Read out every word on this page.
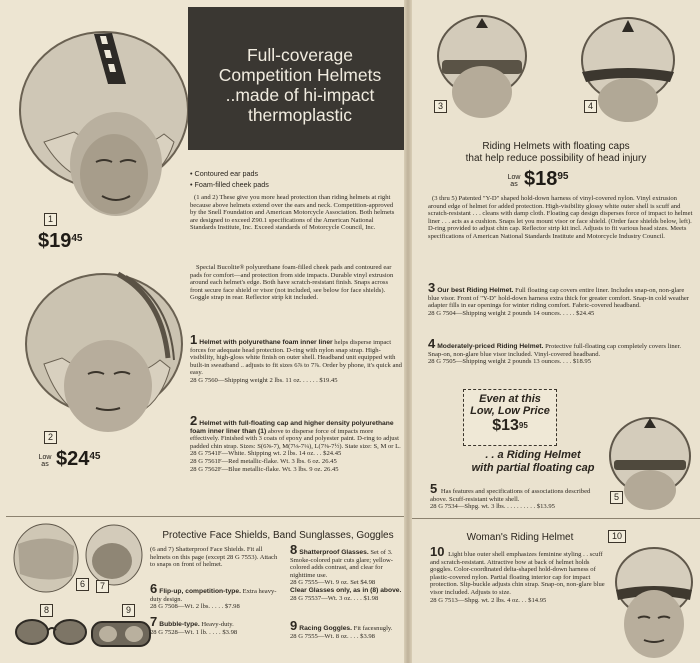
1
$\$19^{45}$
Full-coverage
Competition Helmets
..made of hi-impact
thermoplastic
• Contoured ear pads
• Foam-filled cheek pads
(1 and 2) These give you more head protection than riding helmets at right because above helmets extend over the ears and neck. Competition-approved by the Snell Foundation and American Motorcycle Association. Both helmets are designed to exceed Z90.1 specifications of the American National Standards Institute, Inc. Exceed standards of Motorcycle Council, Inc.
Special Bucolite® polyurethane foam-filled cheek pads and contoured ear pads for comfort—and protection from side impacts. Durable vinyl extrusion around each helmet's edge. Both have scratch-resistant finish. Snaps across front secure face shield or visor (not included, see below for face shields). Goggle strap in rear. Reflector strip kit included.
2
Low as $\$24^{45}$
1 Helmet with polyurethane foam inner liner helps disperse impact forces for adequate head protection. D-ring with nylon snap strap. High-visibility, high-gloss white finish on outer shell. Headband unit equipped with built-in sweatband .. adjusts to fit sizes 6⅞ to 7⅞. Order by phone, it's quick and easy.
28 G 7560—Shipping weight 2 lbs. 11 oz. . . . . . $19.45
2 Helmet with full-floating cap and higher density polyurethane foam inner liner than (1) above to disperse force of impacts more effectively. Finished with 3 coats of epoxy and polyester paint. D-ring to adjust padded chin strap. Sizes: S(6⅝-7), M(7⅛-7¼), L(7⅜-7½). State size: S, M or L.
28 G 7541F—White. Shipping wt. 2 lbs. 14 oz. . . $24.45
28 G 7561F—Red metallic-flake. Wt. 3 lbs. 6 oz. 26.45
28 G 7562F—Blue metallic-flake. Wt. 3 lbs. 9 oz. 26.45
6	7
8	9
Protective Face Shields, Band Sunglasses, Goggles
(6 and 7) Shatterproof Face Shields. Fit all helmets on this page (except 28 G 7553). Attach to snaps on front of helmet.
6 Flip-up, competition-type. Extra heavy-duty design.
28 G 7508—Wt. 2 lbs. . . . . $7.98
7 Bubble-type. Heavy-duty.
28 G 7528—Wt. 1 lb. . . . . $3.98
8 Shatterproof Glasses. Set of 3. Smoke-colored pair cuts glare; yellow-colored adds contrast, and clear for nighttime use.
28 G 7555—Wt. 9 oz. Set $4.98
Clear Glasses only, as in (8) above.
28 G 75537—Wt. 3 oz. . . . $1.98
9 Racing Goggles. Fit facesnugly.
28 G 7555—Wt. 8 oz. . . . $3.98
3	4
Riding Helmets with floating caps
that help reduce possibility of head injury
Low as $\$18^{95}$
(3 thru 5) Patented "Y-D" shaped hold-down harness of vinyl-covered nylon. Vinyl extrusion around edge of helmet for added protection. High-visibility glossy white outer shell is scuff and scratch-resistant . . . cleans with damp cloth. Floating cap design disperses force of impact to helmet liner . . . acts as a cushion. Snaps let you mount visor or face shield. (Order face shields below, left). D-ring provided to adjust chin cap. Reflector strip kit incl. Adjusts to fit various head sizes. Meets specifications of American National Standards Institute and Motorcycle Industry Council.
3 Our best Riding Helmet. Full floating cap covers entire liner. Includes snap-on, non-glare blue visor. Front of "Y-D" hold-down harness extra thick for greater comfort. Snap-in cold weather adapter fills in ear openings for winter riding comfort. Fabric-covered headband.
28 G 7504—Shipping weight 2 pounds 14 ounces. . . . . $24.45
4 Moderately-priced Riding Helmet. Protective full-floating cap completely covers liner. Snap-on, non-glare blue visor included. Vinyl-covered headband.
28 G 7505—Shipping weight 2 pounds 13 ounces. . . . $18.95
Even at this
Low, Low Price
$\$13^{95}$
. . a Riding Helmet
with partial floating cap
5
5 Has features and specifications of associations described above. Scuff-resistant white shell.
28 G 7534—Shpg. wt. 3 lbs. . . . . . . . . . $13.95
Woman's Riding Helmet
10 Light blue outer shell emphasizes feminine styling . . scuff and scratch-resistant. Attractive bow at back of helmet holds goggles. Color-coordinated delta-shaped hold-down harness of plastic-covered nylon. Partial floating interior cap for impact protection. Slip-buckle adjusts chin strap. Snap-on, non-glare blue visor included. Adjusts to size.
28 G 7513—Shpg. wt. 2 lbs. 4 oz. . . $14.95
10
